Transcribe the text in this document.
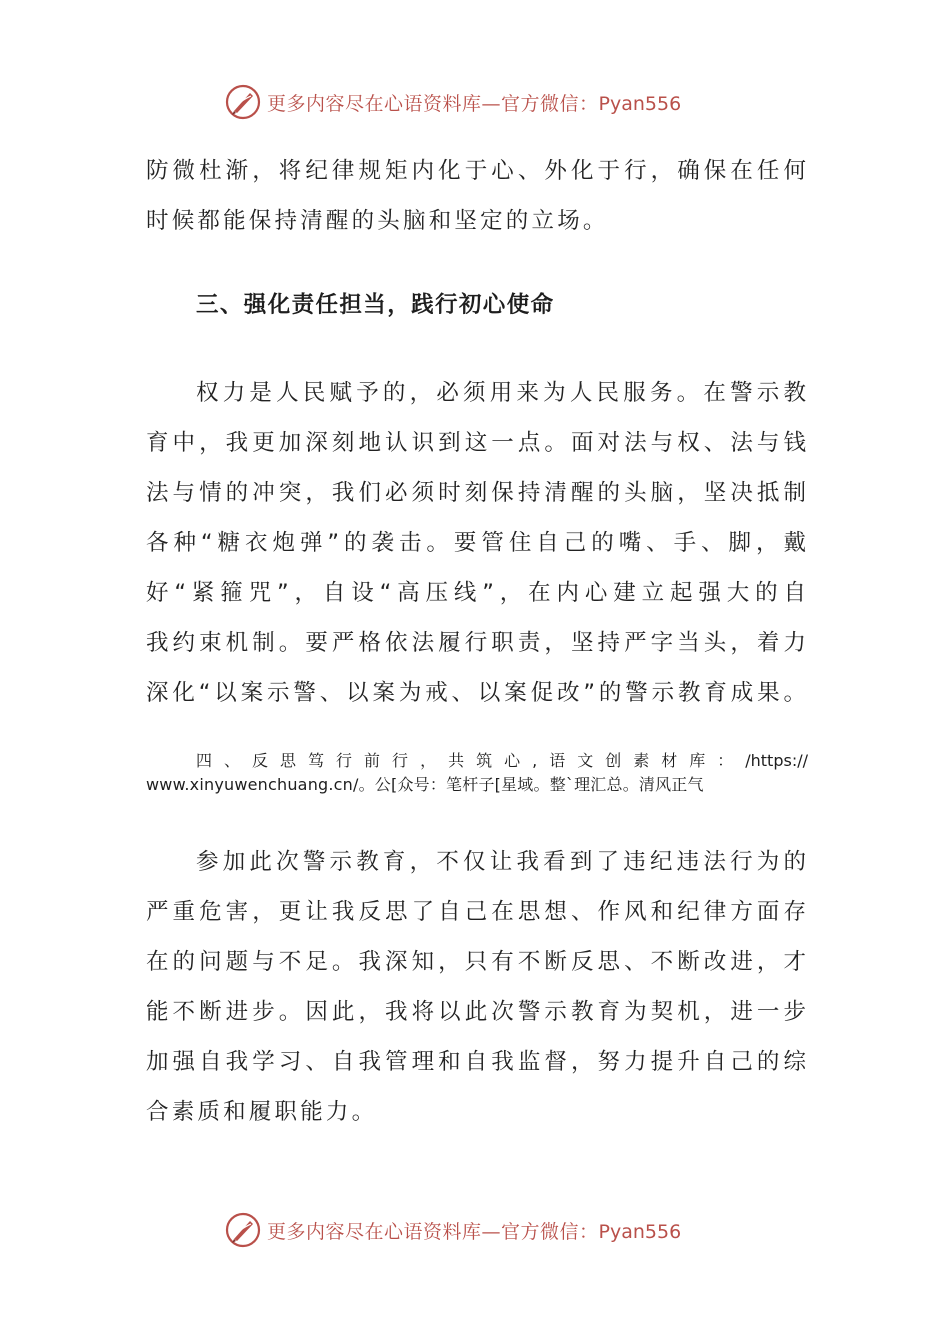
更多内容尽在心语资料库—官方微信：Pyan556
防微杜渐，将纪律规矩内化于心、外化于行，确保在任何
时候都能保持清醒的头脑和坚定的立场。
三、强化责任担当，践行初心使命
权力是人民赋予的，必须用来为人民服务。在警示教
育中，我更加深刻地认识到这一点。面对法与权、法与钱
法与情的冲突，我们必须时刻保持清醒的头脑，坚决抵制
各种“糖衣炮弹”的袭击。要管住自己的嘴、手、脚，戴
好“紧箍咒”，自设“高压线”，在内心建立起强大的自
我约束机制。要严格依法履行职责，坚持严字当头，着力
深化“以案示警、以案为戒、以案促改”的警示教育成果。
四、反思笃行前行，共筑心,语文创素材库：/https://
www.xinyuwenchuang.cn/。公[众号：笔杆子[星域。整`理汇总。清风正气
参加此次警示教育，不仅让我看到了违纪违法行为的
严重危害，更让我反思了自己在思想、作风和纪律方面存
在的问题与不足。我深知，只有不断反思、不断改进，才
能不断进步。因此，我将以此次警示教育为契机，进一步
加强自我学习、自我管理和自我监督，努力提升自己的综
合素质和履职能力。
更多内容尽在心语资料库—官方微信：Pyan556
